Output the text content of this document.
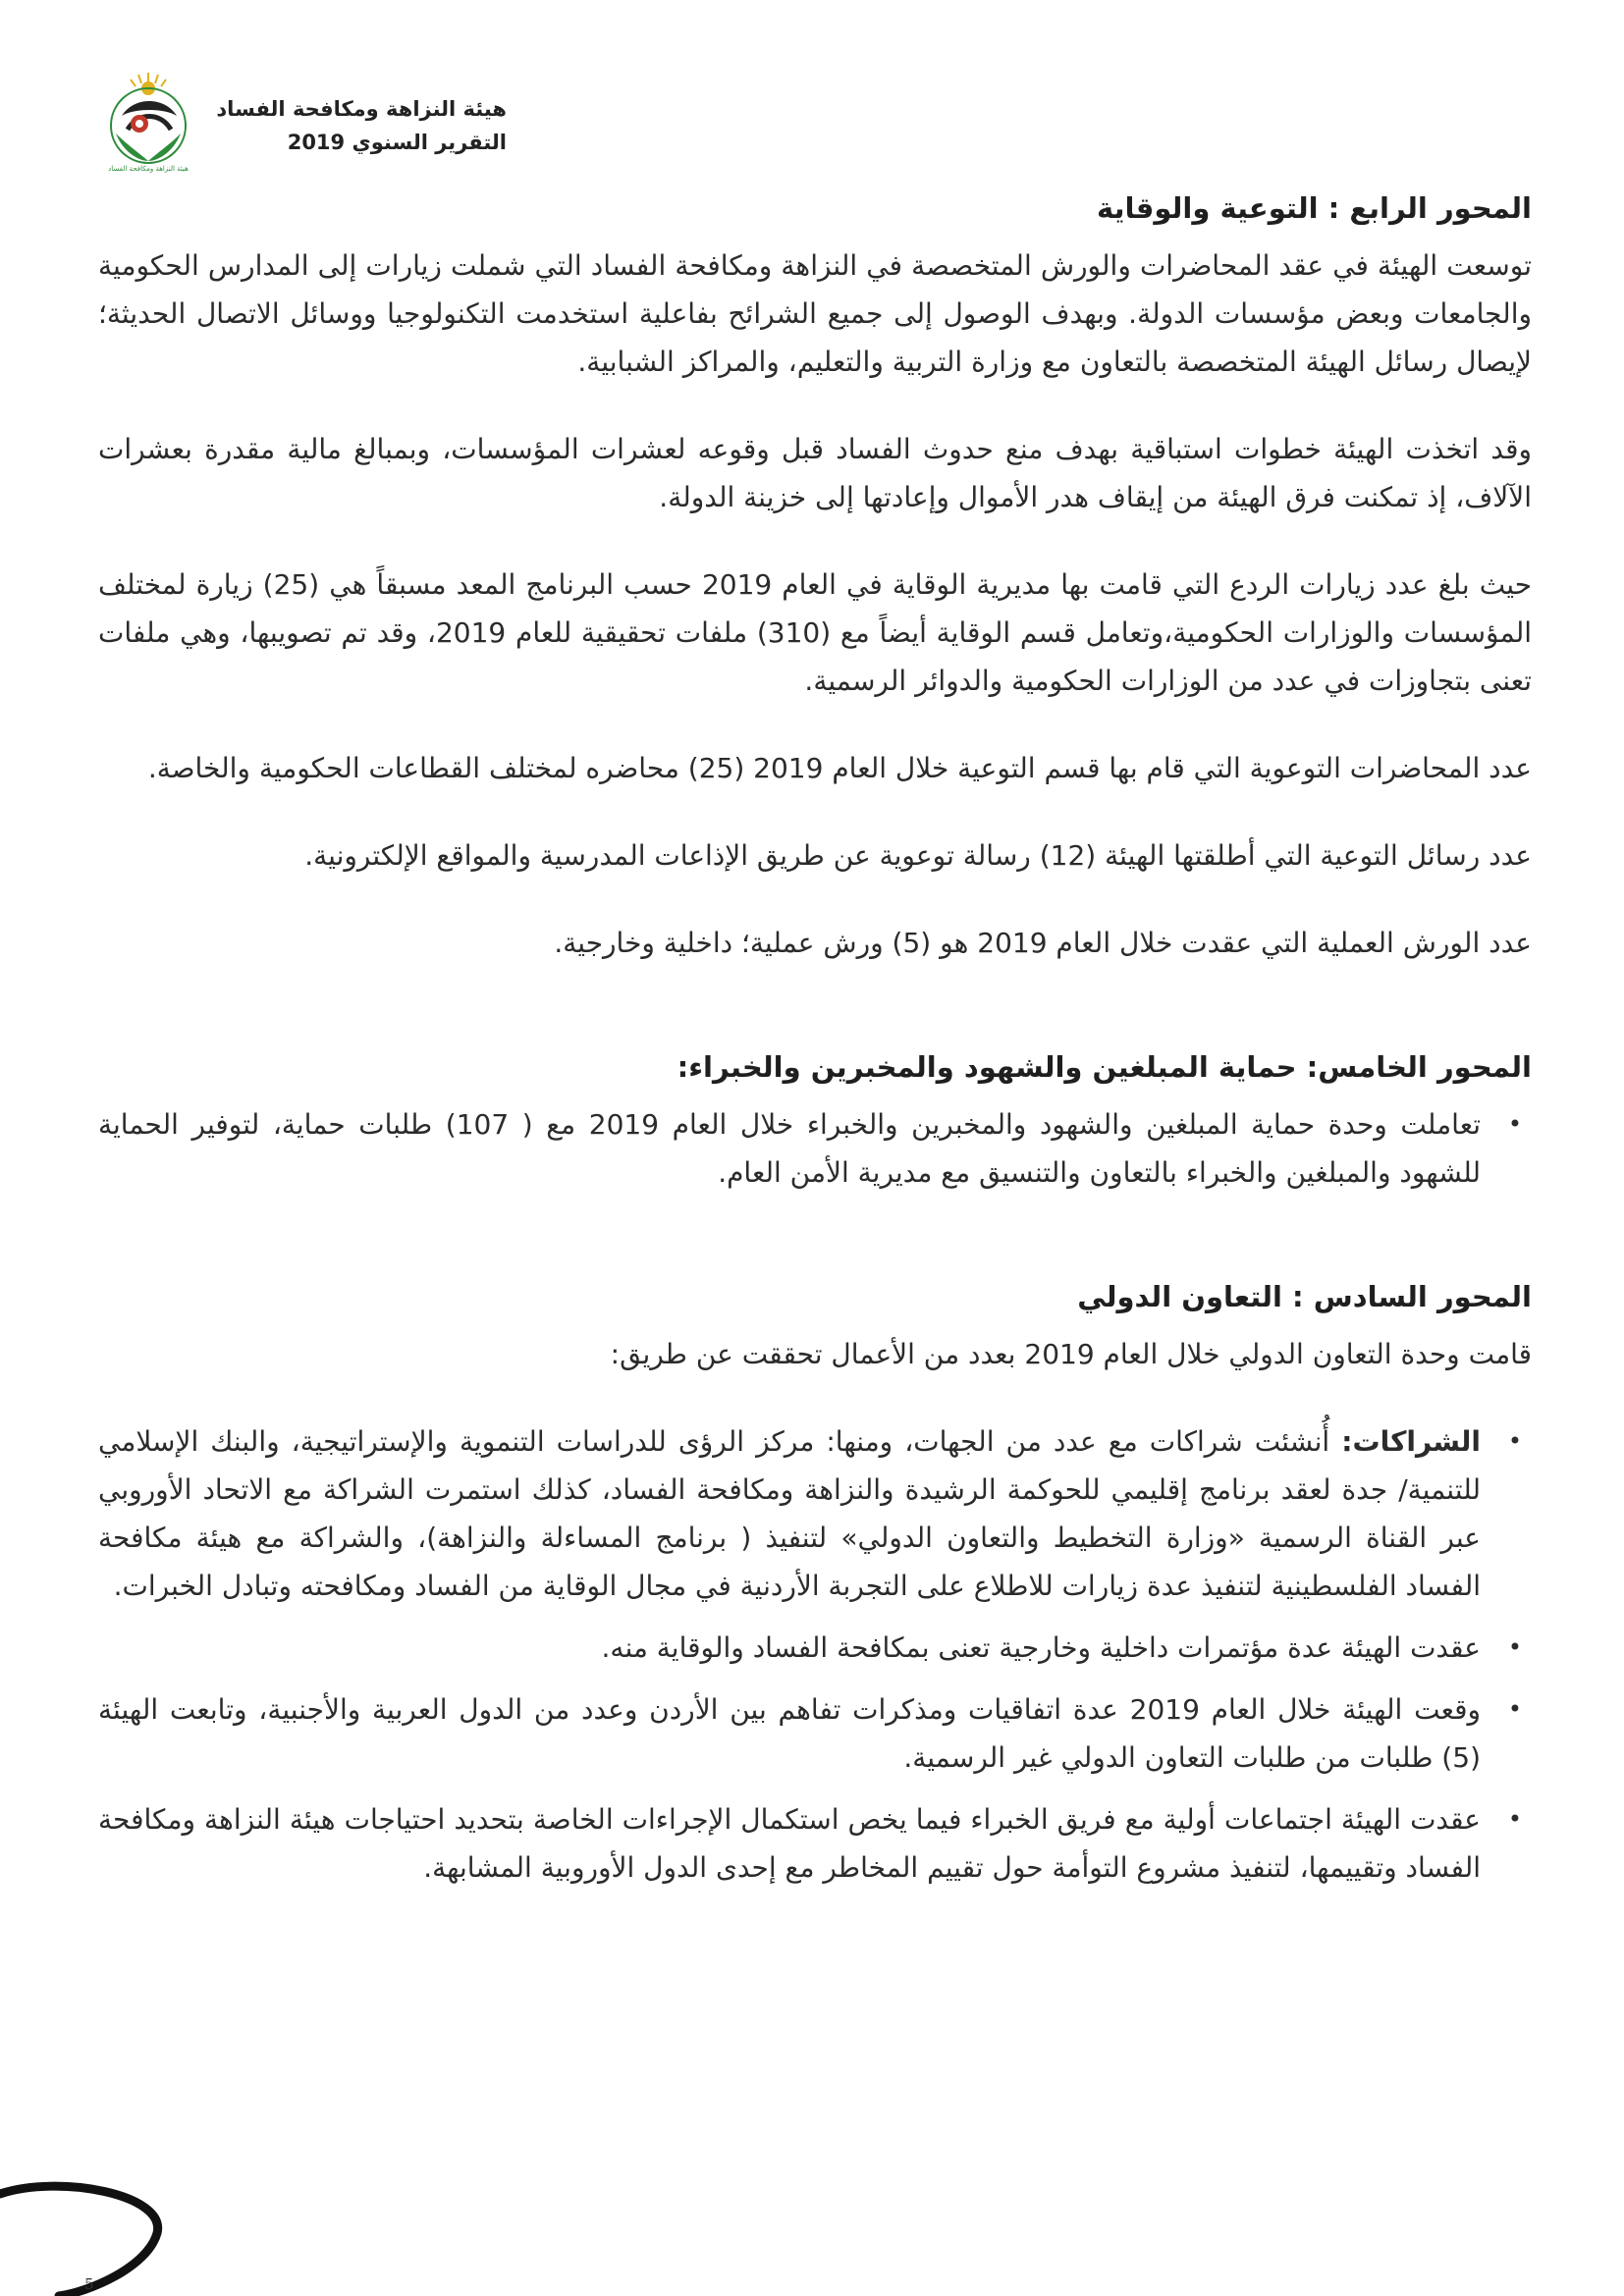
هيئة النزاهة ومكافحة الفساد
هيئة النزاهة ومكافحة الفساد
التقرير السنوي 2019
المحور الرابع : التوعية والوقاية

توسعت الهيئة في عقد المحاضرات والورش المتخصصة في النزاهة ومكافحة الفساد التي شملت زيارات إلى المدارس الحكومية والجامعات وبعض مؤسسات الدولة. وبهدف الوصول إلى جميع الشرائح بفاعلية استخدمت التكنولوجيا ووسائل الاتصال الحديثة؛ لإيصال رسائل الهيئة المتخصصة بالتعاون مع وزارة التربية والتعليم، والمراكز الشبابية.

وقد اتخذت الهيئة خطوات استباقية بهدف منع حدوث الفساد قبل وقوعه لعشرات المؤسسات، وبمبالغ مالية مقدرة بعشرات الآلاف، إذ تمكنت فرق الهيئة من إيقاف هدر الأموال وإعادتها إلى خزينة الدولة.

حيث بلغ عدد زيارات الردع التي قامت بها مديرية الوقاية في العام 2019 حسب البرنامج المعد مسبقاً هي (25) زيارة لمختلف المؤسسات والوزارات الحكومية،وتعامل قسم الوقاية أيضاً مع (310) ملفات تحقيقية للعام 2019، وقد تم تصويبها، وهي ملفات تعنى بتجاوزات في عدد من الوزارات الحكومية والدوائر الرسمية.

عدد المحاضرات التوعوية التي قام بها قسم التوعية خلال العام 2019 (25) محاضره لمختلف القطاعات الحكومية والخاصة.

عدد رسائل التوعية التي أطلقتها الهيئة (12) رسالة توعوية عن طريق الإذاعات المدرسية والمواقع الإلكترونية.

عدد الورش العملية التي عقدت خلال العام 2019 هو (5) ورش عملية؛ داخلية وخارجية.

المحور الخامس: حماية المبلغين والشهود والمخبرين والخبراء:
• تعاملت وحدة حماية المبلغين والشهود والمخبرين والخبراء خلال العام 2019 مع ( 107) طلبات حماية، لتوفير الحماية للشهود والمبلغين والخبراء بالتعاون والتنسيق مع مديرية الأمن العام.
المحور السادس : التعاون الدولي

قامت وحدة التعاون الدولي خلال العام 2019 بعدد من الأعمال تحققت عن طريق:

• الشراكات: أُنشئت شراكات مع عدد من الجهات، ومنها: مركز الرؤى للدراسات التنموية والإستراتيجية، والبنك الإسلامي للتنمية/ جدة لعقد برنامج إقليمي للحوكمة الرشيدة والنزاهة ومكافحة الفساد، كذلك استمرت الشراكة مع الاتحاد الأوروبي عبر القناة الرسمية «وزارة التخطيط والتعاون الدولي» لتنفيذ ( برنامج المساءلة والنزاهة)، والشراكة مع هيئة مكافحة الفساد الفلسطينية لتنفيذ عدة زيارات للاطلاع على التجربة الأردنية في مجال الوقاية من الفساد ومكافحته وتبادل الخبرات.
• عقدت الهيئة عدة مؤتمرات داخلية وخارجية تعنى بمكافحة الفساد والوقاية منه.
• وقعت الهيئة خلال العام 2019 عدة اتفاقيات ومذكرات تفاهم بين الأردن وعدد من الدول العربية والأجنبية، وتابعت الهيئة (5) طلبات من طلبات التعاون الدولي غير الرسمية.
• عقدت الهيئة اجتماعات أولية مع فريق الخبراء فيما يخص استكمال الإجراءات الخاصة بتحديد احتياجات هيئة النزاهة ومكافحة الفساد وتقييمها، لتنفيذ مشروع التوأمة حول تقييم المخاطر مع إحدى الدول الأوروبية المشابهة.
5
